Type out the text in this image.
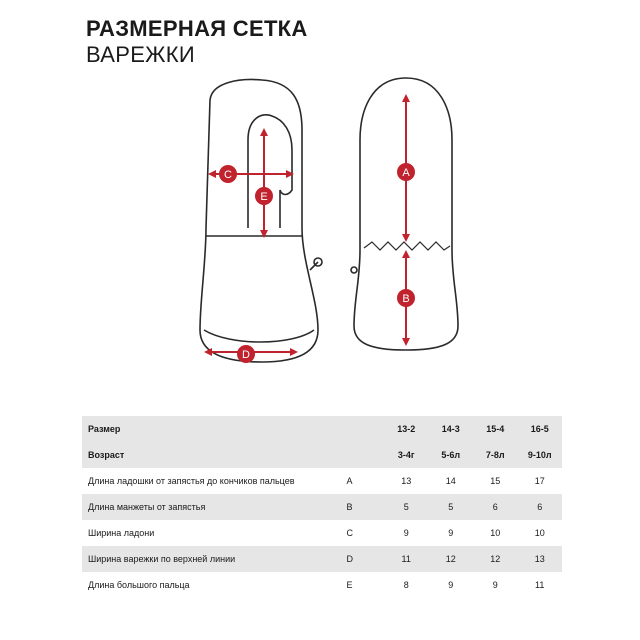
РАЗМЕРНАЯ СЕТКА
ВАРЕЖКИ
A
B
C
E
D
Размер		13-2	14-3	15-4	16-5
Возраст		3-4г	5-6л	7-8л	9-10л
Длина ладошки от запястья до кончиков пальцев	A	13	14	15	17
Длина манжеты от запястья	B	5	5	6	6
Ширина ладони	C	9	9	10	10
Ширина варежки по верхней линии	D	11	12	12	13
Длина большого пальца	E	8	9	9	11
